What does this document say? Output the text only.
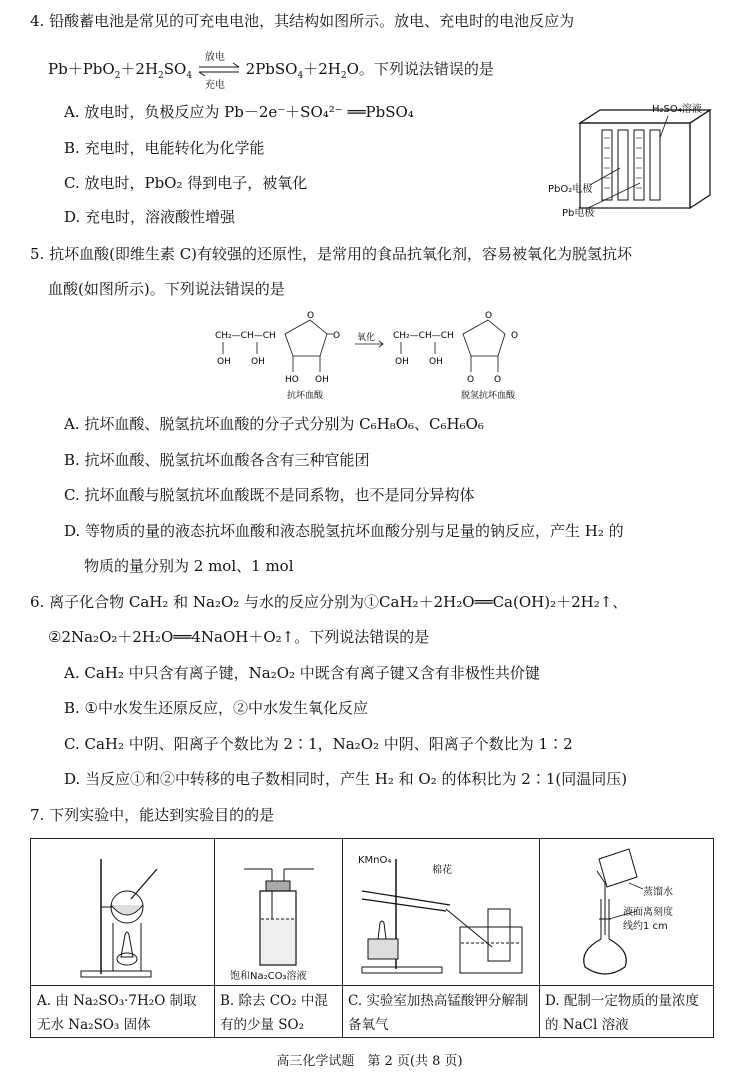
4. 铅酸蓄电池是常见的可充电电池，其结构如图所示。放电、充电时的电池反应为
$Pb+PbO_2+2H_2SO_4$
放电
充电
$2PbSO_4+2H_2O$。下列说法错误的是
A. 放电时，负极反应为 Pb－2e⁻＋SO₄²⁻ ══PbSO₄
B. 充电时，电能转化为化学能
C. 放电时，PbO₂ 得到电子，被氧化
D. 充电时，溶液酸性增强
H₂SO₄溶液
PbO₂电极
Pb电极
5. 抗坏血酸(即维生素 C)有较强的还原性，是常用的食品抗氧化剂，容易被氧化为脱氢抗坏
血酸(如图所示)。下列说法错误的是
CH₂—CH—CH
OH OH
O
O
HO OH
抗坏血酸
氧化 CH₂—CH—CH
OH OH
O
O
O O
脱氢抗坏血酸
A. 抗坏血酸、脱氢抗坏血酸的分子式分别为 C₆H₈O₆、C₆H₆O₆
B. 抗坏血酸、脱氢抗坏血酸各含有三种官能团
C. 抗坏血酸与脱氢抗坏血酸既不是同系物，也不是同分异构体
D. 等物质的量的液态抗坏血酸和液态脱氢抗坏血酸分别与足量的钠反应，产生 H₂ 的
物质的量分别为 2 mol、1 mol
6. 离子化合物 CaH₂ 和 Na₂O₂ 与水的反应分别为①CaH₂＋2H₂O══Ca(OH)₂＋2H₂↑、
②2Na₂O₂＋2H₂O══4NaOH＋O₂↑。下列说法错误的是
A. CaH₂ 中只含有离子键，Na₂O₂ 中既含有离子键又含有非极性共价键
B. ①中水发生还原反应，②中水发生氧化反应
C. CaH₂ 中阴、阳离子个数比为 2∶1，Na₂O₂ 中阴、阳离子个数比为 1∶2
D. 当反应①和②中转移的电子数相同时，产生 H₂ 和 O₂ 的体积比为 2∶1(同温同压)
7. 下列实验中，能达到实验目的的是
A. 由 Na₂SO₃·7H₂O 制取无水 Na₂SO₃ 固体
饱和Na₂CO₃溶液
B. 除去 CO₂ 中混有的少量 SO₂
KMnO₄
棉花
C. 实验室加热高锰酸钾分解制备氧气
蒸馏水
液面离刻度
线约1 cm
D. 配制一定物质的量浓度的 NaCl 溶液
高三化学试题　第 2 页(共 8 页)
